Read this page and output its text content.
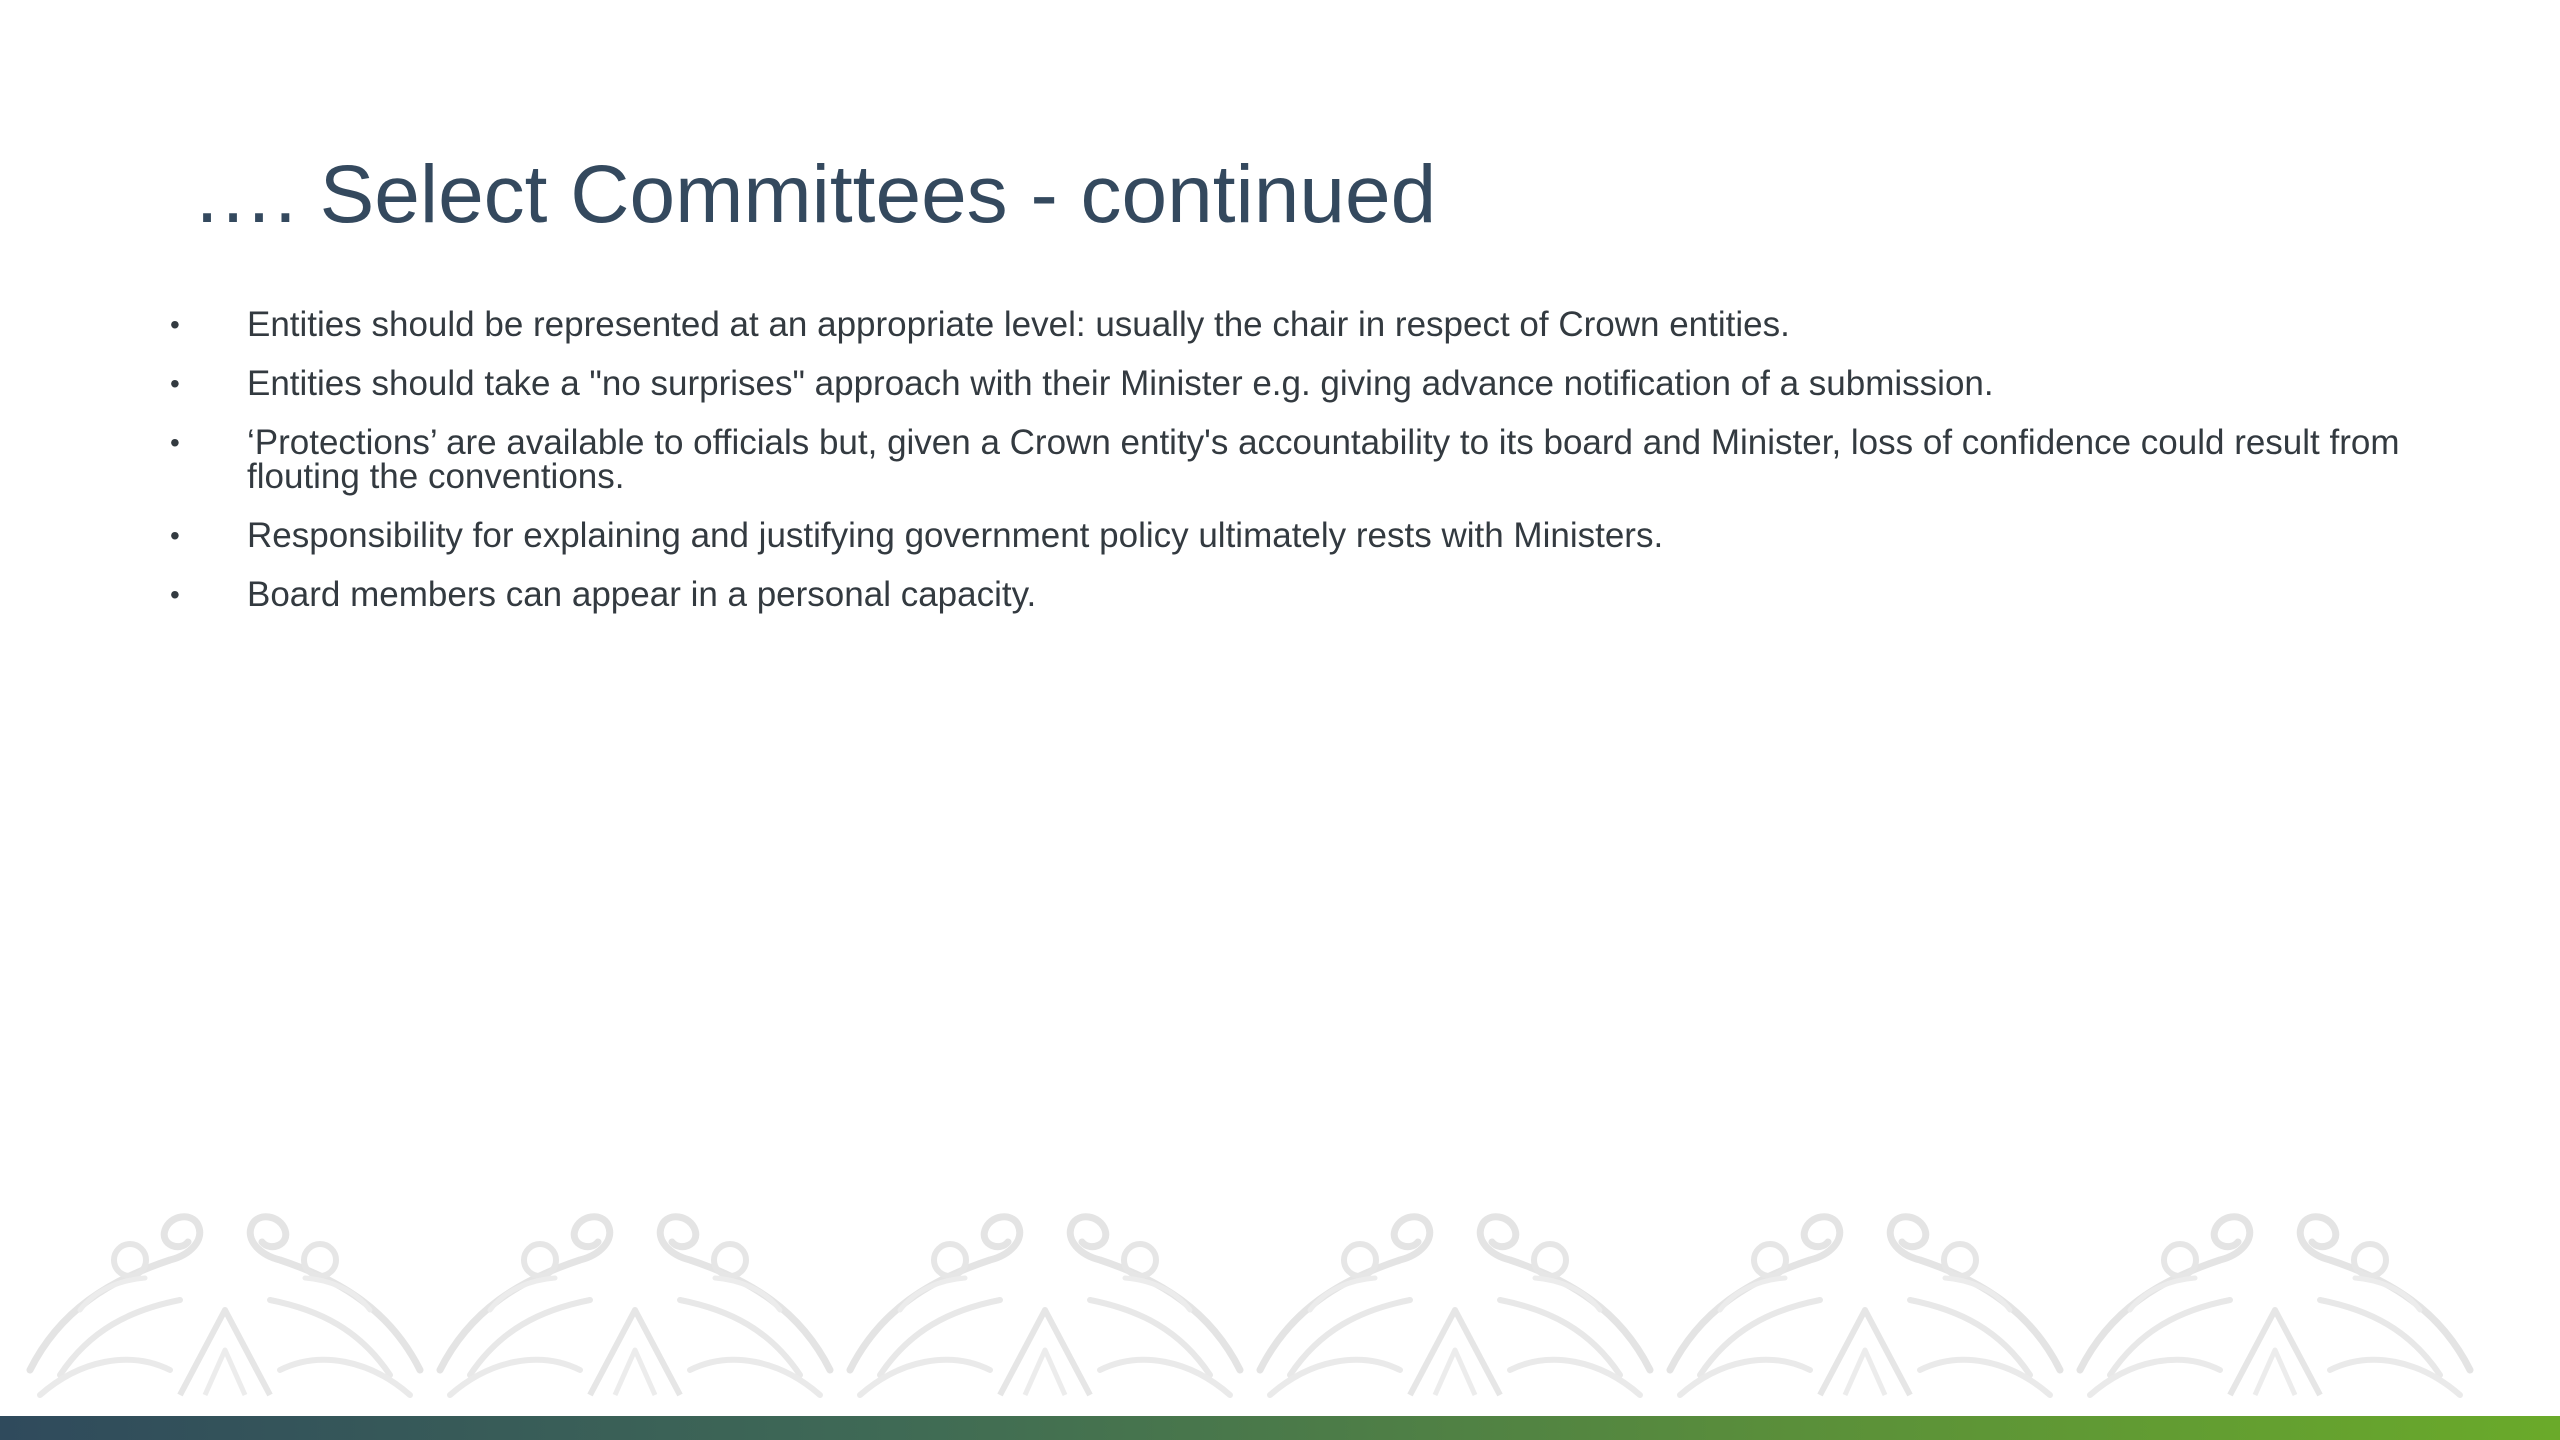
…. Select Committees - continued
•	Entities should be represented at an appropriate level: usually the chair in respect of Crown entities.
•	Entities should take a "no surprises" approach with their Minister e.g. giving advance notification of a submission.
•	‘Protections’ are available to officials but, given a Crown entity's accountability to its board and Minister, loss of confidence could result from flouting the conventions.
•	Responsibility for explaining and justifying government policy ultimately rests with Ministers.
•	Board members can appear in a personal capacity.
